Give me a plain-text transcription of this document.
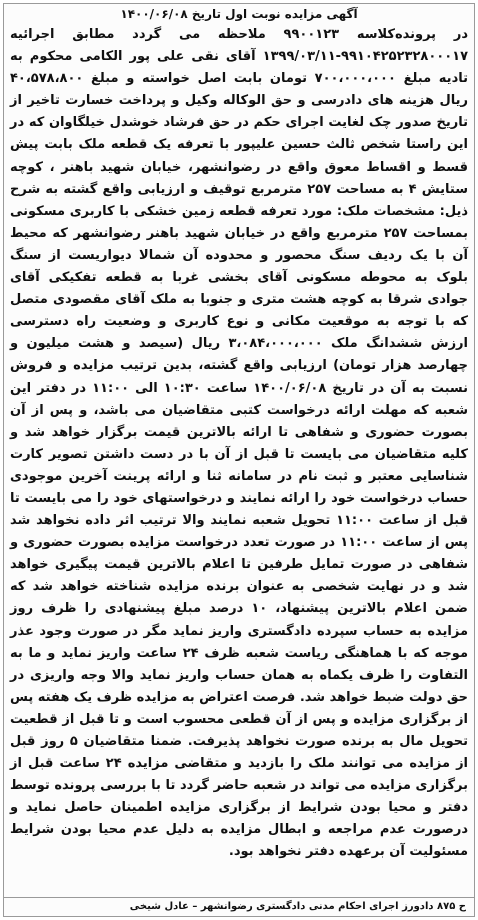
آگهی مزایده نوبت اول تاریخ ۱۴۰۰/۰۶/۰۸

در پرونده‌کلاسه ۹۹۰۰۱۲۳ ملاحظه می گردد مطابق اجرائیه ۹۹۱۰۴۲۵۲۳۲۸۰۰۰۱۷-۱۳۹۹/۰۳/۱۱ آقای نقی علی پور الکامی محکوم به تادیه مبلغ ۷۰۰،۰۰۰،۰۰۰ تومان بابت اصل خواسته و مبلغ ۴۰،۵۷۸،۸۰۰ ریال هزینه های دادرسی و حق الوکاله وکیل و پرداخت خسارت تاخیر از تاریخ صدور چک لغایت اجرای حکم در حق فرشاد خوشدل خیلگاوان که در این راستا شخص ثالث حسین علیپور با تعرفه یک قطعه ملک بابت پیش قسط و اقساط معوق واقع در رضوانشهر، خیابان شهید باهنر ، کوچه ستایش ۴ به مساحت ۲۵۷ مترمربع توقیف و ارزیابی واقع گشته به شرح ذیل: مشخصات ملک: مورد تعرفه قطعه زمین خشکی با کاربری مسکونی بمساحت ۲۵۷ مترمربع واقع در خیابان شهید باهنر رضوانشهر که محیط آن با یک ردیف سنگ محصور و محدوده آن شمالا دیواریست از سنگ بلوک به محوطه مسکونی آقای بخشی غربا به قطعه تفکیکی آقای جوادی شرقا به کوچه هشت متری و جنوبا به ملک آقای مقصودی متصل که با توجه به موقعیت مکانی و نوع کاربری و وضعیت راه دسترسی ارزش ششدانگ ملک ۳،۰۸۴،۰۰۰،۰۰۰ ریال (سیصد و هشت میلیون و چهارصد هزار تومان) ارزیابی واقع گشته، بدین ترتیب مزایده و فروش نسبت به آن در تاریخ ۱۴۰۰/۰۶/۰۸ ساعت ۱۰:۳۰ الی ۱۱:۰۰ در دفتر این شعبه که مهلت ارائه درخواست کتبی متقاضیان می باشد، و پس از آن بصورت حضوری و شفاهی تا ارائه بالاترین قیمت برگزار خواهد شد و کلیه متقاضیان می بایست تا قبل از آن با در دست داشتن تصویر کارت شناسایی معتبر و ثبت نام در سامانه ثنا و ارائه پرینت آخرین موجودی حساب درخواست خود را ارائه نمایند و درخواستهای خود را می بایست تا قبل از ساعت ۱۱:۰۰ تحویل شعبه نمایند والا ترتیب اثر داده نخواهد شد پس از ساعت ۱۱:۰۰ در صورت تعدد درخواست مزایده بصورت حضوری و شفاهی در صورت تمایل طرفین تا اعلام بالاترین قیمت پیگیری خواهد شد و در نهایت شخصی به عنوان برنده مزایده شناخته خواهد شد که ضمن اعلام بالاترین پیشنهاد، ۱۰ درصد مبلغ پیشنهادی را ظرف روز مزایده به حساب سپرده دادگستری واریز نماید مگر در صورت وجود عذر موجه که با هماهنگی ریاست شعبه ظرف ۲۴ ساعت واریز نماید و ما به التفاوت را ظرف یکماه به همان حساب واریز نماید والا وجه واریزی در حق دولت ضبط خواهد شد. فرصت اعتراض به مزایده ظرف یک هفته پس از برگزاری مزایده و پس از آن قطعی محسوب است و تا قبل از قطعیت تحویل مال به برنده صورت نخواهد پذیرفت. ضمنا متقاضیان ۵ روز قبل از مزایده می توانند ملک را بازدید و متقاضی مزایده ۲۴ ساعت قبل از برگزاری مزایده می تواند در شعبه حاضر گردد تا با بررسی پرونده توسط دفتر و محیا بودن شرایط از برگزاری مزایده اطمینان حاصل نماید و درصورت عدم مراجعه و ابطال مزایده به دلیل عدم محیا بودن شرایط مسئولیت آن برعهده دفتر نخواهد بود.

ح ۸۷۵ دادورز اجرای احکام مدنی دادگستری رضوانشهر – عادل شیخی
